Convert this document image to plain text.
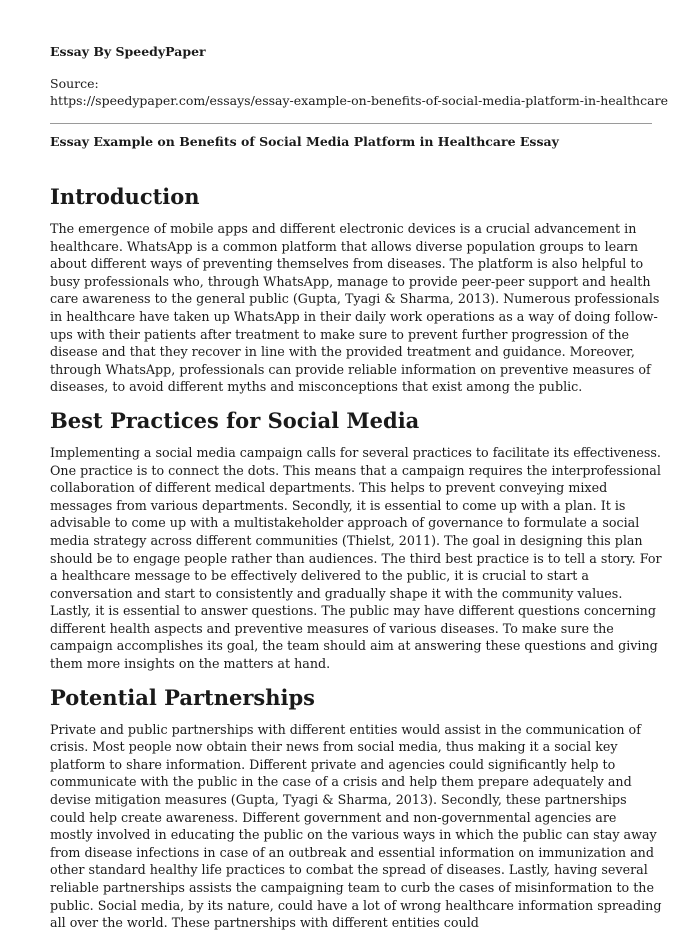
Essay By SpeedyPaper
Source:
https://speedypaper.com/essays/essay-example-on-benefits-of-social-media-platform-in-healthcare
Essay Example on Benefits of Social Media Platform in Healthcare Essay
Introduction

The emergence of mobile apps and different electronic devices is a crucial advancement in healthcare. WhatsApp is a common platform that allows diverse population groups to learn about different ways of preventing themselves from diseases. The platform is also helpful to busy professionals who, through WhatsApp, manage to provide peer-peer support and health care awareness to the general public (Gupta, Tyagi & Sharma, 2013). Numerous professionals in healthcare have taken up WhatsApp in their daily work operations as a way of doing follow-ups with their patients after treatment to make sure to prevent further progression of the disease and that they recover in line with the provided treatment and guidance. Moreover, through WhatsApp, professionals can provide reliable information on preventive measures of diseases, to avoid different myths and misconceptions that exist among the public.

Best Practices for Social Media

Implementing a social media campaign calls for several practices to facilitate its effectiveness. One practice is to connect the dots. This means that a campaign requires the interprofessional collaboration of different medical departments. This helps to prevent conveying mixed messages from various departments. Secondly, it is essential to come up with a plan. It is advisable to come up with a multistakeholder approach of governance to formulate a social media strategy across different communities (Thielst, 2011). The goal in designing this plan should be to engage people rather than audiences. The third best practice is to tell a story. For a healthcare message to be effectively delivered to the public, it is crucial to start a conversation and start to consistently and gradually shape it with the community values. Lastly, it is essential to answer questions. The public may have different questions concerning different health aspects and preventive measures of various diseases. To make sure the campaign accomplishes its goal, the team should aim at answering these questions and giving them more insights on the matters at hand.

Potential Partnerships

Private and public partnerships with different entities would assist in the communication of crisis. Most people now obtain their news from social media, thus making it a social key platform to share information. Different private and agencies could significantly help to communicate with the public in the case of a crisis and help them prepare adequately and devise mitigation measures (Gupta, Tyagi & Sharma, 2013). Secondly, these partnerships could help create awareness. Different government and non-governmental agencies are mostly involved in educating the public on the various ways in which the public can stay away from disease infections in case of an outbreak and essential information on immunization and other standard healthy life practices to combat the spread of diseases. Lastly, having several reliable partnerships assists the campaigning team to curb the cases of misinformation to the public. Social media, by its nature, could have a lot of wrong healthcare information spreading all over the world. These partnerships with different entities could
